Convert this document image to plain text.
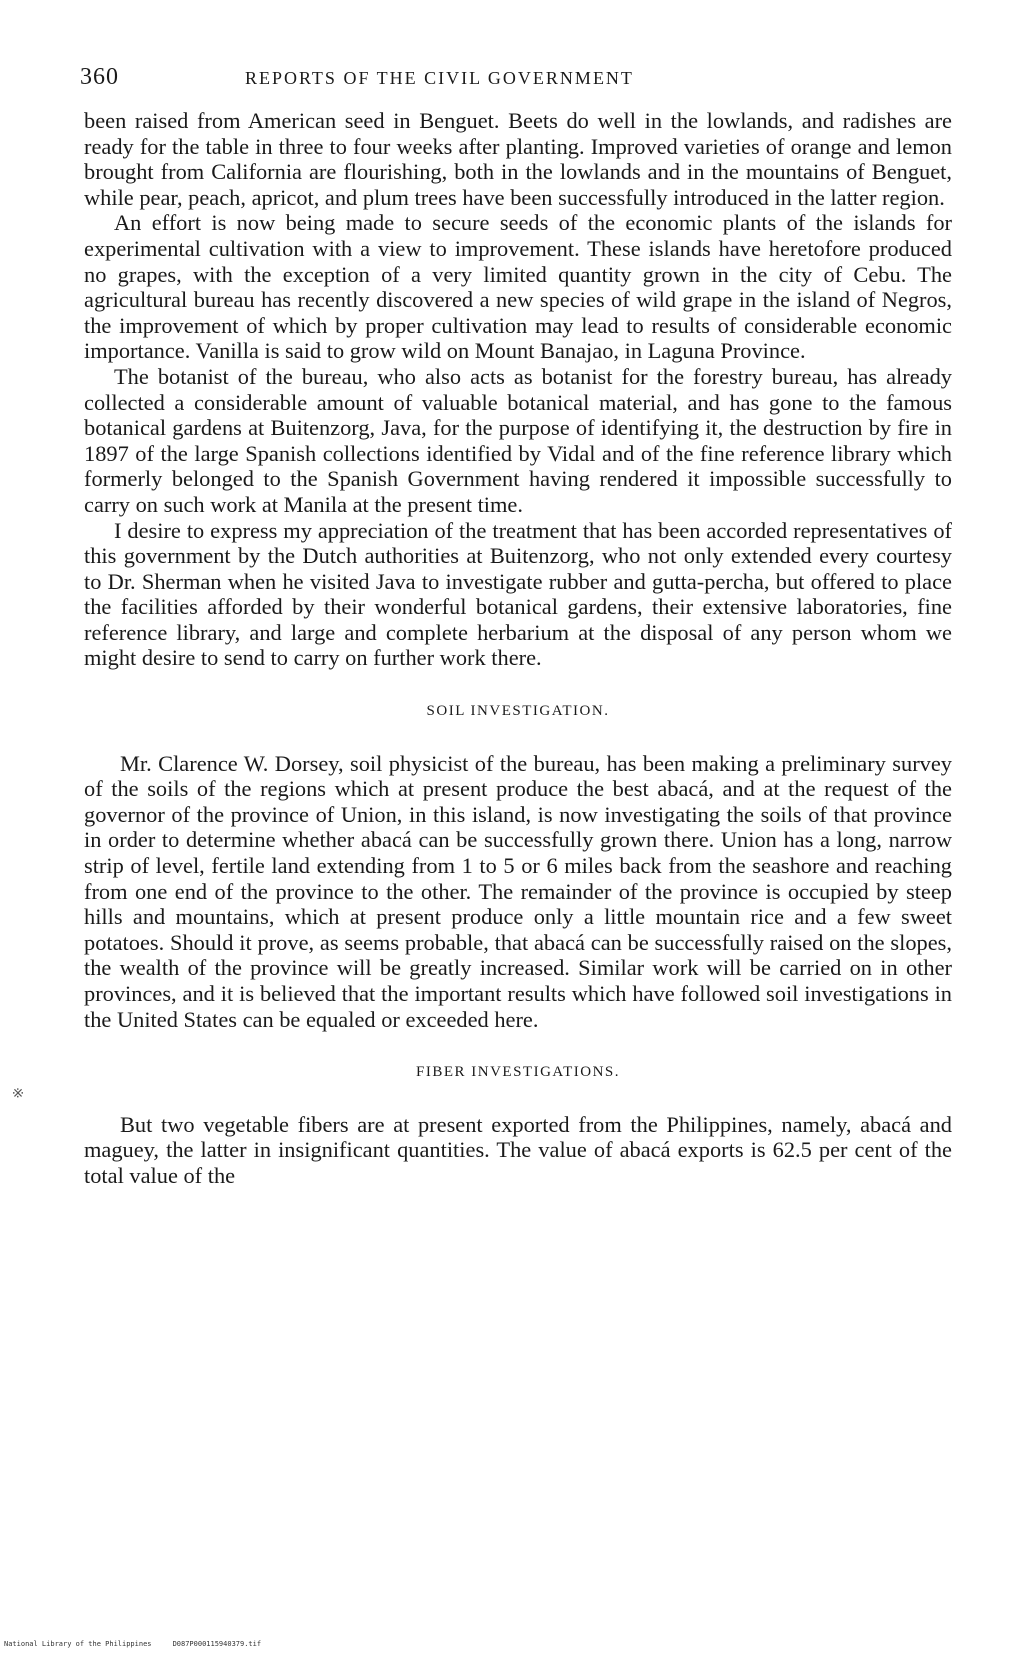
360	REPORTS OF THE CIVIL GOVERNMENT

been raised from American seed in Benguet. Beets do well in the lowlands, and radishes are ready for the table in three to four weeks after planting. Improved varieties of orange and lemon brought from California are flourishing, both in the lowlands and in the mountains of Benguet, while pear, peach, apricot, and plum trees have been successfully introduced in the latter region.

An effort is now being made to secure seeds of the economic plants of the islands for experimental cultivation with a view to improvement. These islands have heretofore produced no grapes, with the exception of a very limited quantity grown in the city of Cebu. The agricultural bureau has recently discovered a new species of wild grape in the island of Negros, the improvement of which by proper cultivation may lead to results of considerable economic importance. Vanilla is said to grow wild on Mount Banajao, in Laguna Province.

The botanist of the bureau, who also acts as botanist for the forestry bureau, has already collected a considerable amount of valuable botanical material, and has gone to the famous botanical gardens at Buitenzorg, Java, for the purpose of identifying it, the destruction by fire in 1897 of the large Spanish collections identified by Vidal and of the fine reference library which formerly belonged to the Spanish Government having rendered it impossible successfully to carry on such work at Manila at the present time.

I desire to express my appreciation of the treatment that has been accorded representatives of this government by the Dutch authorities at Buitenzorg, who not only extended every courtesy to Dr. Sherman when he visited Java to investigate rubber and gutta-percha, but offered to place the facilities afforded by their wonderful botanical gardens, their extensive laboratories, fine reference library, and large and complete herbarium at the disposal of any person whom we might desire to send to carry on further work there.

SOIL INVESTIGATION.

Mr. Clarence W. Dorsey, soil physicist of the bureau, has been making a preliminary survey of the soils of the regions which at present produce the best abacá, and at the request of the governor of the province of Union, in this island, is now investigating the soils of that province in order to determine whether abacá can be successfully grown there. Union has a long, narrow strip of level, fertile land extending from 1 to 5 or 6 miles back from the seashore and reaching from one end of the province to the other. The remainder of the province is occupied by steep hills and mountains, which at present produce only a little mountain rice and a few sweet potatoes. Should it prove, as seems probable, that abacá can be successfully raised on the slopes, the wealth of the province will be greatly increased. Similar work will be carried on in other provinces, and it is believed that the important results which have followed soil investigations in the United States can be equaled or exceeded here.

FIBER INVESTIGATIONS.

But two vegetable fibers are at present exported from the Philippines, namely, abacá and maguey, the latter in insignificant quantities. The value of abacá exports is 62.5 per cent of the total value of the

※
National Library of the Philippines     D087P000115940379.tif
